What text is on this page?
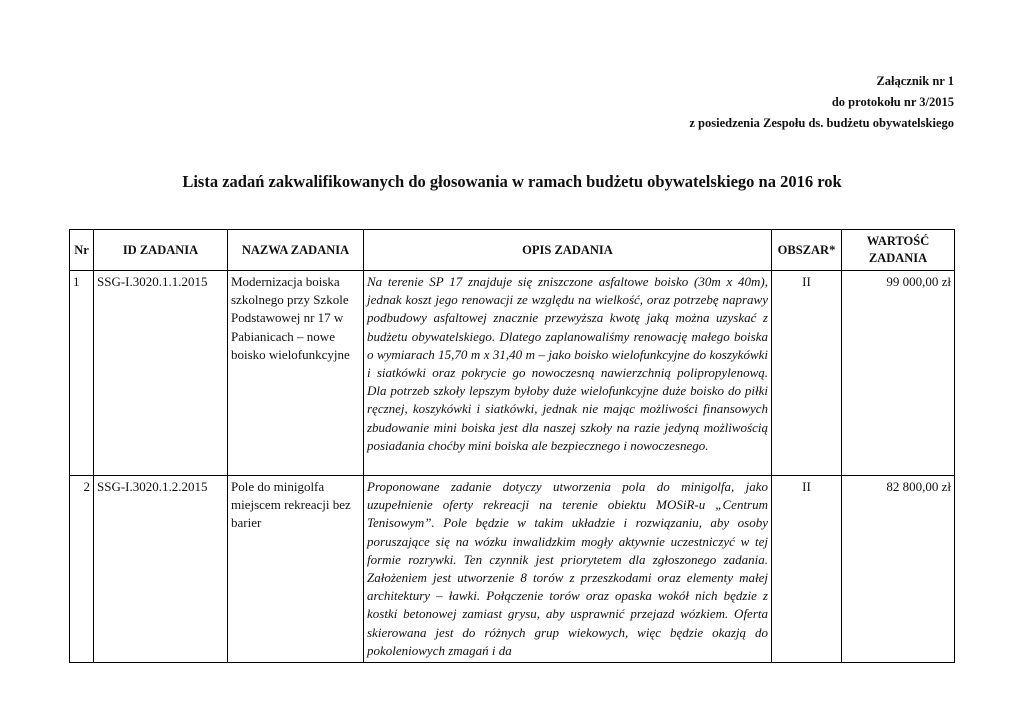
Załącznik nr 1
do protokołu nr 3/2015
z posiedzenia Zespołu ds. budżetu obywatelskiego
Lista zadań zakwalifikowanych do głosowania w ramach budżetu obywatelskiego na 2016 rok
Nr	ID ZADANIA	NAZWA ZADANIA	OPIS ZADANIA	OBSZAR*	WARTOŚĆ ZADANIA
1	SSG-I.3020.1.1.2015	Modernizacja boiska szkolnego przy Szkole Podstawowej nr 17 w Pabianicach – nowe boisko wielofunkcyjne	Na terenie SP 17 znajduje się zniszczone asfaltowe boisko (30m x 40m), jednak koszt jego renowacji ze względu na wielkość, oraz potrzebę naprawy podbudowy asfaltowej znacznie przewyższa kwotę jaką można uzyskać z budżetu obywatelskiego. Dlatego zaplanowaliśmy renowację małego boiska o wymiarach 15,70 m x 31,40 m – jako boisko wielofunkcyjne do koszykówki i siatkówki oraz pokrycie go nowoczesną nawierzchnią polipropylenową. Dla potrzeb szkoły lepszym byłoby duże wielofunkcyjne duże boisko do piłki ręcznej, koszykówki i siatkówki, jednak nie mając możliwości finansowych zbudowanie mini boiska jest dla naszej szkoły na razie jedyną możliwością posiadania choćby mini boiska ale bezpiecznego i nowoczesnego.	II	99 000,00 zł
2	SSG-I.3020.1.2.2015	Pole do minigolfa miejscem rekreacji bez barier	Proponowane zadanie dotyczy utworzenia pola do minigolfa, jako uzupełnienie oferty rekreacji na terenie obiektu MOSiR-u „Centrum Tenisowym”. Pole będzie w takim układzie i rozwiązaniu, aby osoby poruszające się na wózku inwalidzkim mogły aktywnie uczestniczyć w tej formie rozrywki. Ten czynnik jest priorytetem dla zgłoszonego zadania. Założeniem jest utworzenie 8 torów z przeszkodami oraz elementy małej architektury – ławki. Połączenie torów oraz opaska wokół nich będzie z kostki betonowej zamiast grysu, aby usprawnić przejazd wózkiem. Oferta skierowana jest do różnych grup wiekowych, więc będzie okazją do pokoleniowych zmagań i da	II	82 800,00 zł
